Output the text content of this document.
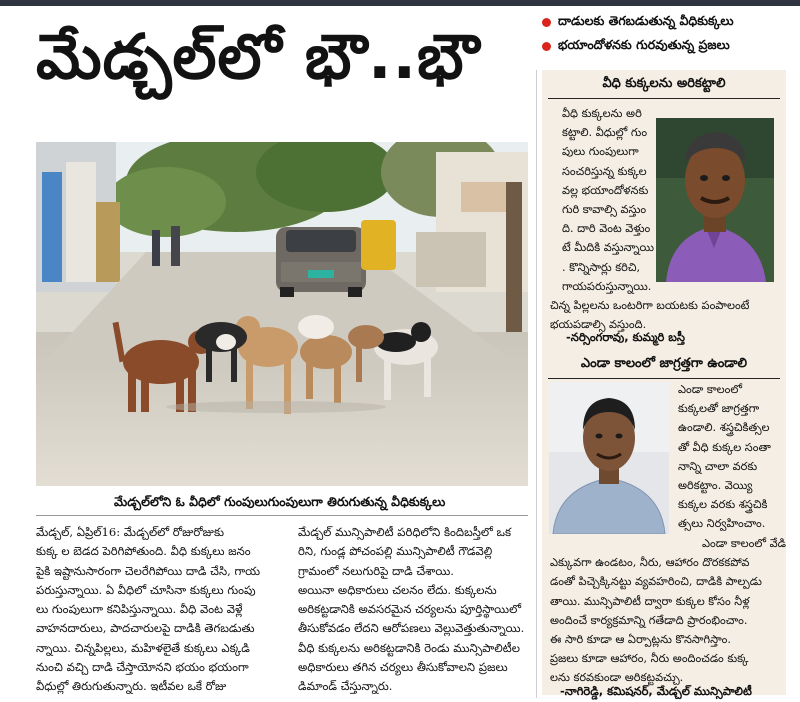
మేడ్చల్‌లో భౌ..భౌ	దాడులకు తెగబడుతున్న వీధికుక్కలు
భయాందోళనకు గురవుతున్న ప్రజలు
మేడ్చల్‌లోని ఓ వీధిలో గుంపులుగుంపులుగా తిరుగుతున్న వీధికుక్కలు

మేడ్చల్, ఏప్రిల్16: మేడ్చల్‌లో రోజురోజుకు

కుక్క ల బెడద పెరిగిపోతుంది. వీధి కుక్కలు జనం

పైకి ఇష్టానుసారంగా చెలరేగిపోయి దాడి చేసి, గాయ

పరుస్తున్నాయి. ఏ వీధిలో చూసినా కుక్కలు గుంపు

లు గుంపులుగా కనిపిస్తున్నాయి. వీధి వెంట వెళ్లే

వాహనదారులు, పాదచారులపై దాడికి తెగబడుతు

న్నాయి. చిన్నపిల్లలు, మహిళలైతే కుక్కలు ఎక్కడి

నుంచి వచ్చి దాడి చేస్తాయోనని భయం భయంగా

వీధుల్లో తిరుగుతున్నారు. ఇటీవల ఒకే రోజు

మేడ్చల్ మున్సిపాలిటీ పరిధిలోని కిందిబస్తీలో ఒక

రిని, గుండ్ల పోచంపల్లి మున్సిపాలిటీ గౌడవెల్లి

గ్రామంలో నలుగురిపై దాడి చేశాయి.

అయినా అధికారులు చలనం లేదు. కుక్కలను

అరికట్టడానికి అవసరమైన చర్యలను పూర్తిస్థాయిలో

తీసుకోవడం లేదని ఆరోపణలు వెల్లువెత్తుతున్నాయి.

వీధి కుక్కలను అరికట్టడానికి రెండు మున్సిపాలిటీల

అధికారులు తగిన చర్యలు తీసుకోవాలని ప్రజలు

డిమాండ్ చేస్తున్నారు.

వీధి కుక్కలను అరికట్టాలి

వీధి కుక్కలను అరి

కట్టాలి. వీధుల్లో గుం

పులు గుంపులుగా

సంచరిస్తున్న కుక్కల

వల్ల భయాందోళనకు

గురి కావాల్సి వస్తుం

ది. దారి వెంట వెళ్తుం

టే మీదికి వస్తున్నాయి

. కొన్నిసార్లు కరిచి,

గాయపరుస్తున్నాయి.

చిన్న పిల్లలను ఒంటరిగా బయటకు పంపాలంటే

భయపడాల్సి వస్తుంది.

-నర్సింగరావు, కుమ్మరి బస్తీ
ఎండా కాలంలో జాగ్రత్తగా ఉండాలి

ఎండా కాలంలో

కుక్కలతో జాగ్రత్తగా

ఉండాలి. శస్త్రచికిత్సల

తో వీధి కుక్కల సంతా

నాన్ని చాలా వరకు

అరికట్టాం. వెయ్యి

కుక్కల వరకు శస్త్రచికి

త్సలు నిర్వహించాం.

ఎండా కాలంలో వేడి

ఎక్కువగా ఉండటం, నీరు, ఆహారం దొరకకపోవ

డంతో పిచ్చెక్కినట్టు వ్యవహరించి, దాడికి పాల్పడు

తాయి. మున్సిపాలిటీ ద్వారా కుక్కల కోసం నీళ్ల

అందించే కార్యక్రమాన్ని గతేడాది ప్రారంభించాం.

ఈ సారి కూడా ఆ ఏర్పాట్లను కొనసాగిస్తాం.

ప్రజలు కూడా ఆహారం, నీరు అందించడం కుక్క

లను కరవకుండా అరికట్టవచ్చు.

-నాగిరెడ్డి, కమిషనర్, మేడ్చల్ మున్సిపాలిటీ
